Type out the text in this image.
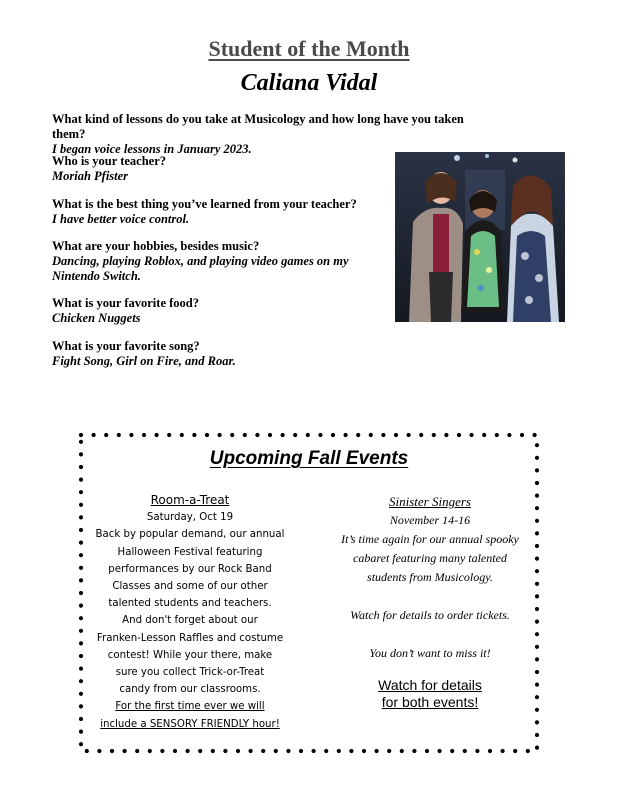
Student of the Month
Caliana Vidal
What kind of lessons do you take at Musicology and how long have you taken them?
I began voice lessons in January 2023.
Who is your teacher?
Moriah Pfister
What is the best thing you’ve learned from your teacher?
I have better voice control.
What are your hobbies, besides music?
Dancing, playing Roblox, and playing video games on my
Nintendo Switch.
What is your favorite food?
Chicken Nuggets
What is your favorite song?
Fight Song, Girl on Fire, and Roar.
Upcoming Fall Events
Room-a-Treat
Saturday, Oct 19
Back by popular demand, our annual
Halloween Festival featuring
performances by our Rock Band
Classes and some of our other
talented students and teachers.
And don't forget about our
Franken-Lesson Raffles and costume
contest! While your there, make
sure you collect Trick-or-Treat
candy from our classrooms.
For the first time ever we will
include a SENSORY FRIENDLY hour!
Sinister Singers
November 14-16
It’s time again for our annual spooky
cabaret featuring many talented
students from Musicology.
Watch for details to order tickets.
You don’t want to miss it!
Watch for details
for both events!
